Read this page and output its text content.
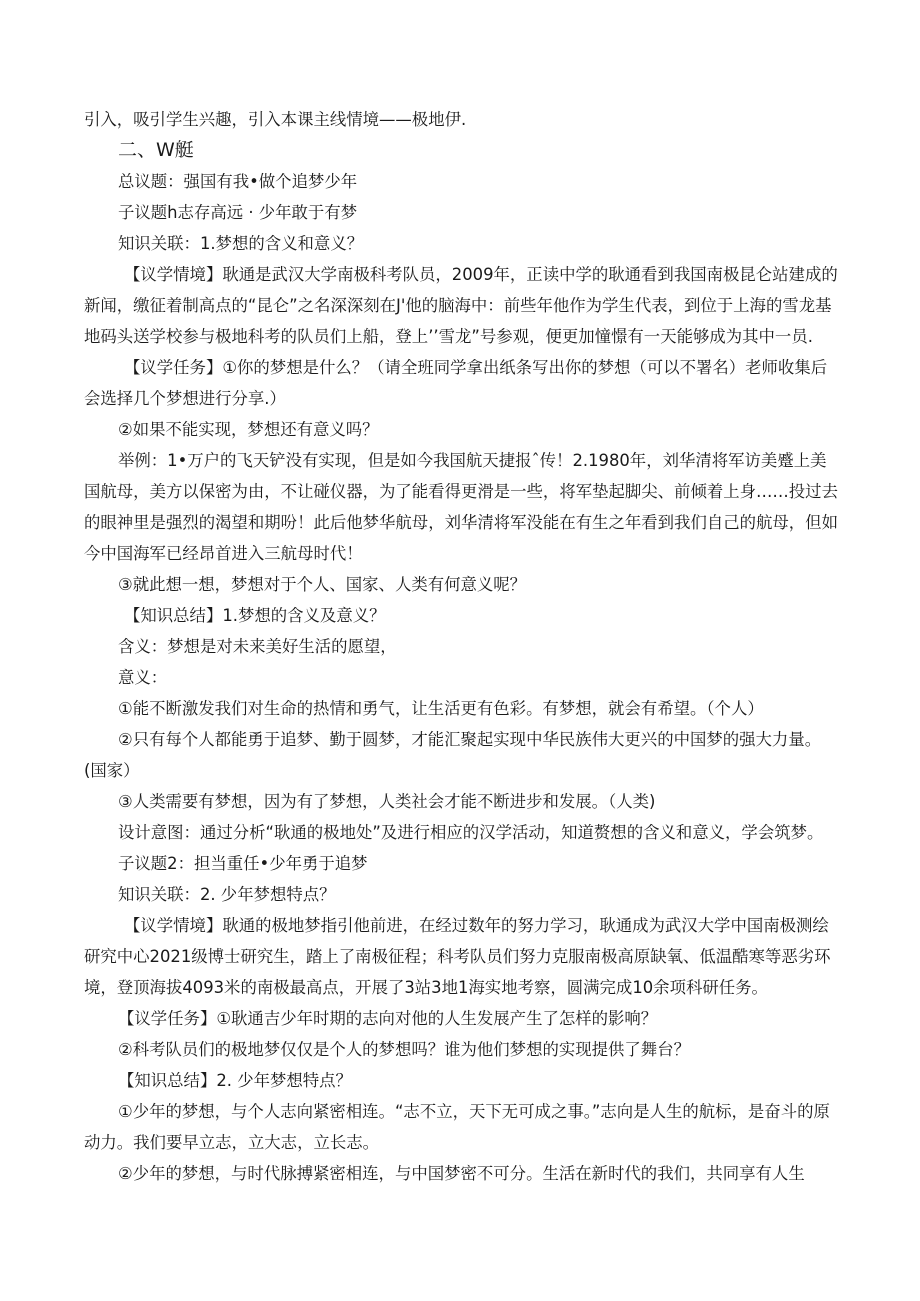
引入，吸引学生兴趣，引入本课主线情境——极地伊.

二、W艇

总议题：强国有我•做个追梦少年

子议题h志存高远 · 少年敢于有梦

知识关联：1.梦想的含义和意义？

【议学情境】耿通是武汉大学南极科考队员，2009年，正读中学的耿通看到我国南极昆仑站建成的新闻，缴征着制高点的“昆仑”之名深深刻在J'他的脑海中：前些年他作为学生代表，到位于上海的雪龙基地码头送学校参与极地科考的队员们上船，登上’’雪龙”号参观，便更加憧憬有一天能够成为其中一员.

【议学任务】①你的梦想是什么？（请全班同学拿出纸条写出你的梦想（可以不署名）老师收集后会选择几个梦想进行分享.）

②如果不能实现，梦想还有意义吗？

举例：1•万户的飞天铲没有实现，但是如今我国航天捷报ˆ传！2.1980年，刘华清将军访美蹙上美国航母，美方以保密为由，不让碰仪器，为了能看得更滑是一些，将军垫起脚尖、前倾着上身……投过去的眼神里是强烈的渴望和期吩！此后他梦华航母，刘华清将军没能在有生之年看到我们自己的航母，但如今中国海军已经昂首进入三航母时代！

③就此想一想，梦想对于个人、国家、人类有何意义呢？

【知识总结】1.梦想的含义及意义？

含义：梦想是对未来美好生活的愿望，

意义：

①能不断激发我们对生命的热情和勇气，让生活更有色彩。有梦想，就会有希望。（个人）

②只有每个人都能勇于追梦、勤于圆梦，才能汇聚起实现中华民族伟大更兴的中国梦的强大力量。(国家）

③人类需要有梦想，因为有了梦想，人类社会才能不断进步和发展。（人类)

设计意图：通过分析“耿通的极地处”及进行相应的汉学活动，知道赘想的含义和意义，学会筑梦。

子议题2：担当重任•少年勇于追梦

知识关联：2. 少年梦想特点？

【议学情境】耿通的极地梦指引他前进，在经过数年的努力学习，耿通成为武汉大学中国南极测绘研究中心2021级博士研究生，踏上了南极征程；科考队员们努力克服南极高原缺氧、低温酷寒等恶劣环境，登顶海拔4093米的南极最高点，开展了3站3地1海实地考察，圆满完成10余项科研任务。

【议学任务】①耿通吉少年时期的志向对他的人生发展产生了怎样的影响？

②科考队员们的极地梦仅仅是个人的梦想吗？谁为他们梦想的实现提供了舞台？

【知识总结】2. 少年梦想特点？

①少年的梦想，与个人志向紧密相连。“志不立，天下无可成之事。”志向是人生的航标，是奋斗的原动力。我们要早立志，立大志，立长志。

②少年的梦想，与时代脉搏紧密相连，与中国梦密不可分。生活在新时代的我们，共同享有人生
